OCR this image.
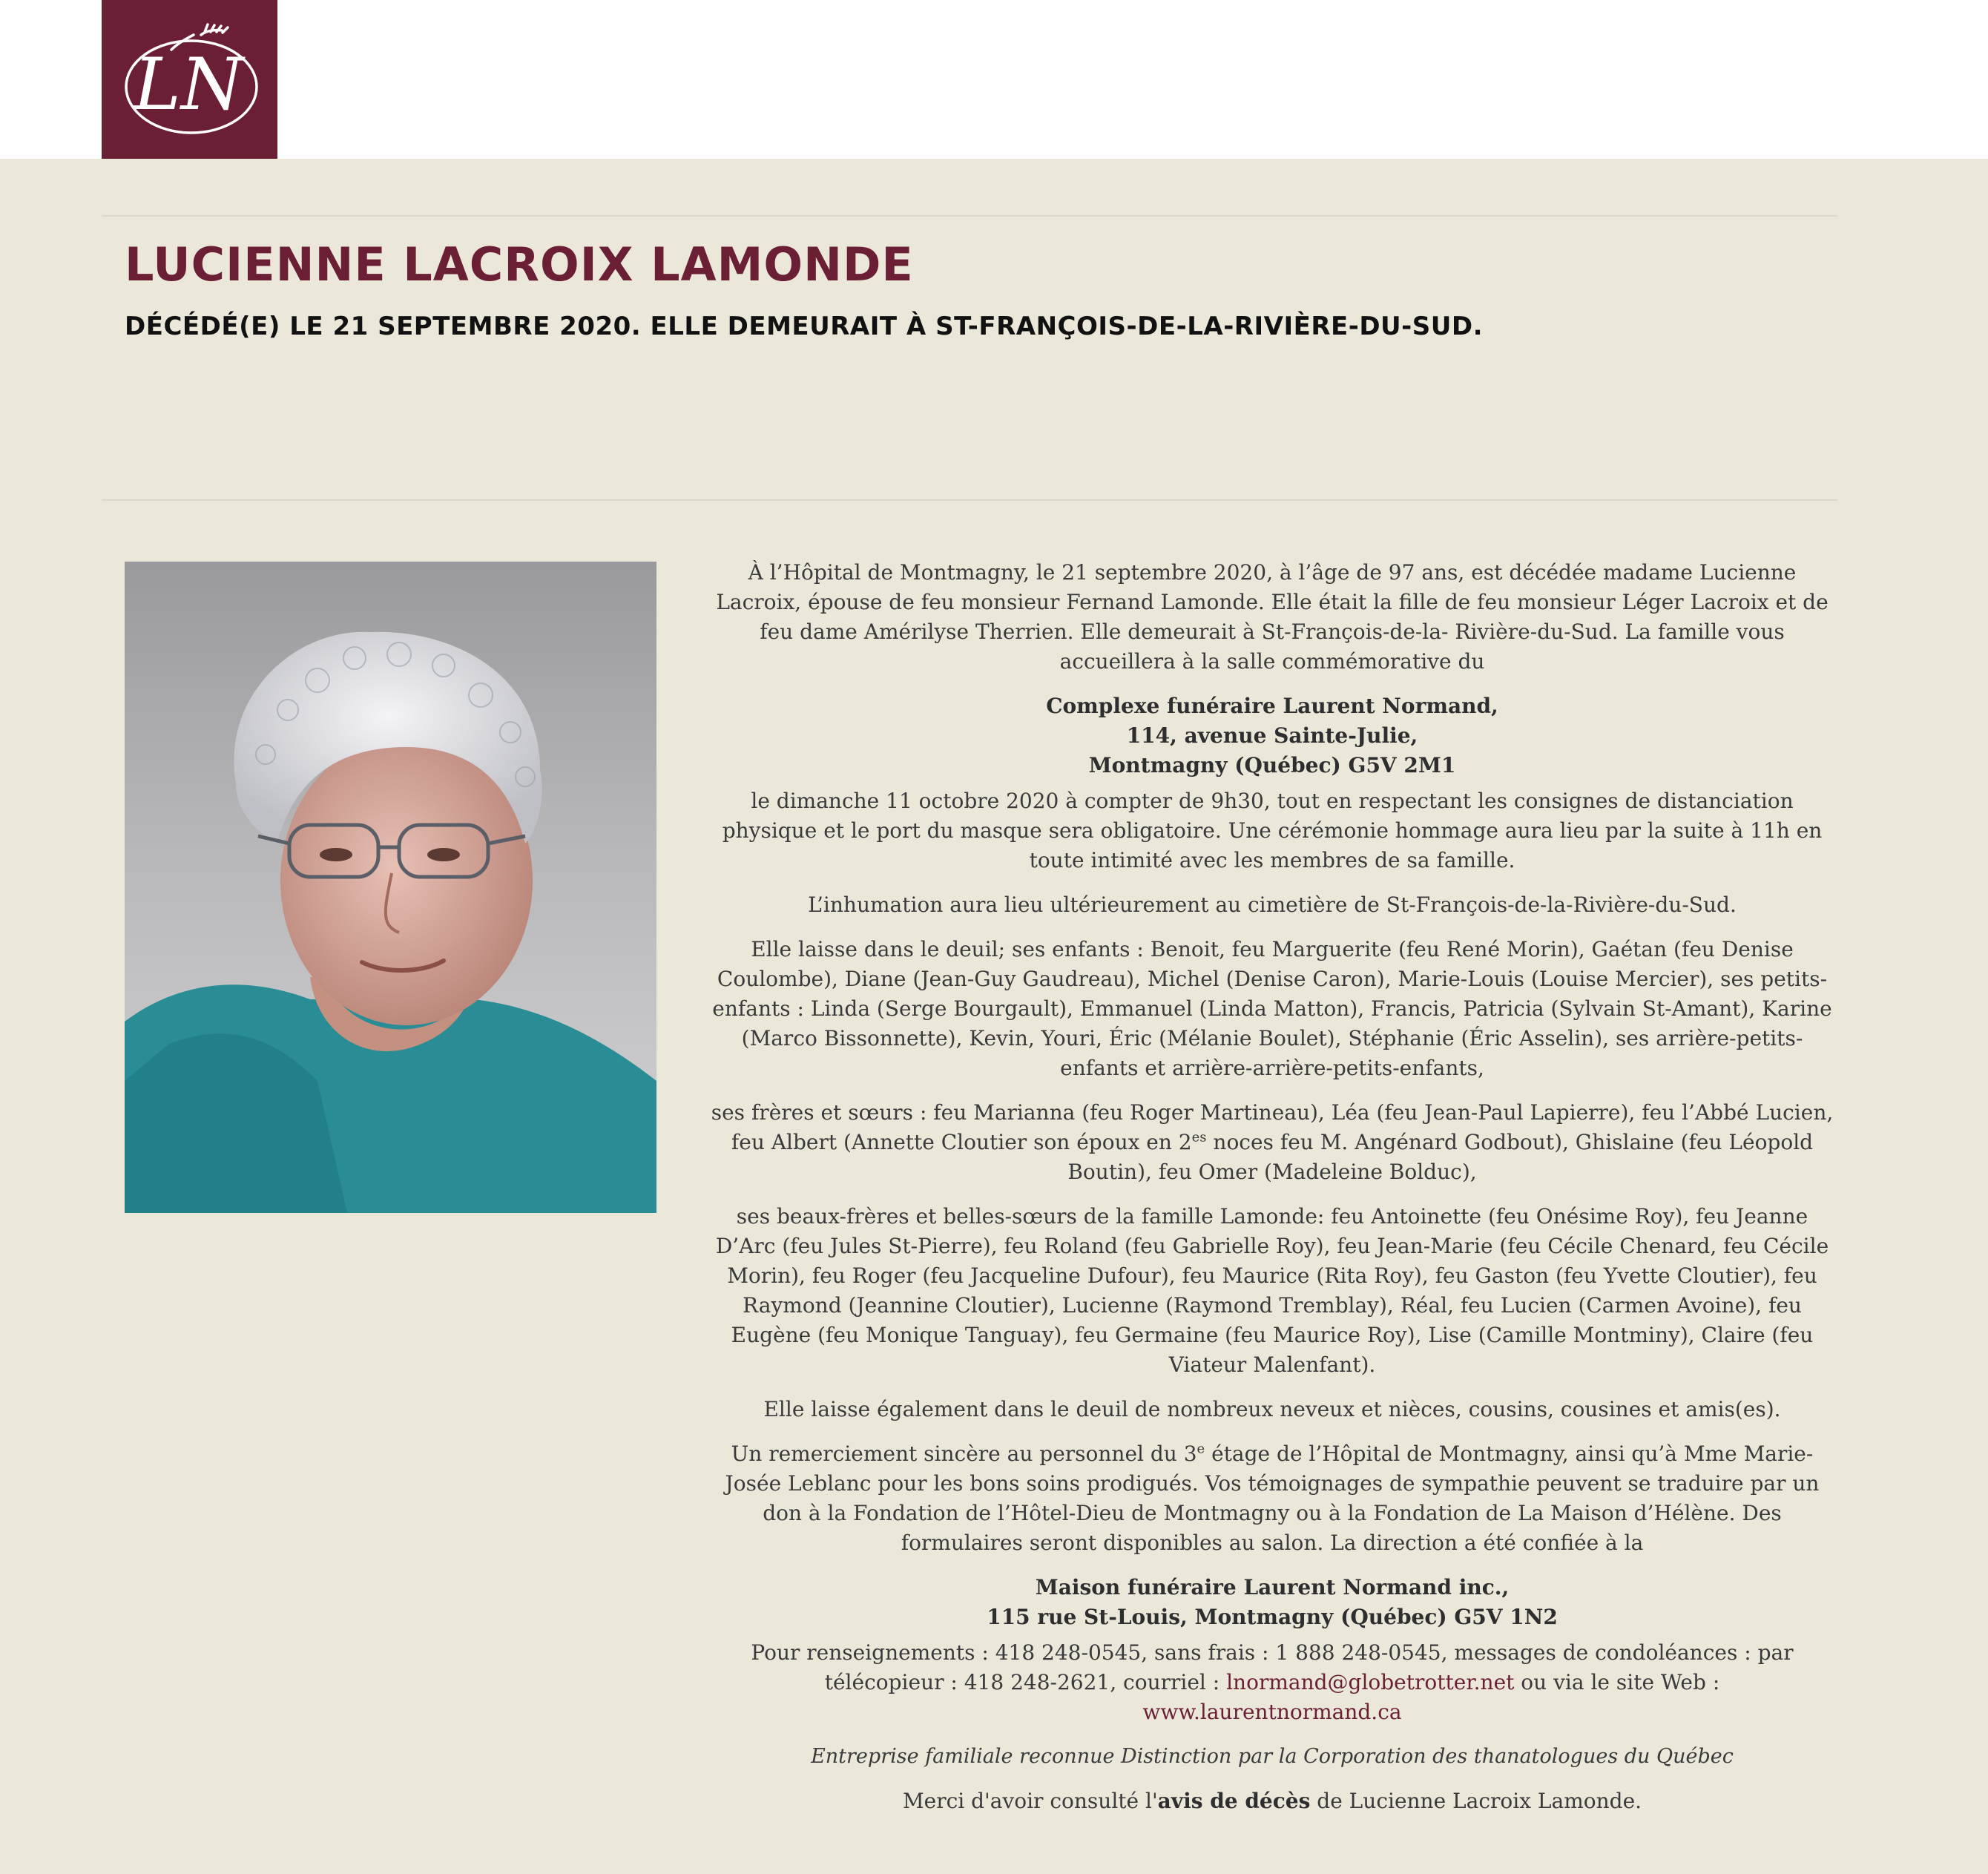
LN
LUCIENNE LACROIX LAMONDE
DÉCÉDÉ(E) LE 21 SEPTEMBRE 2020. ELLE DEMEURAIT À ST-FRANÇOIS-DE-LA-RIVIÈRE-DU-SUD.

À l’Hôpital de Montmagny, le 21 septembre 2020, à l’âge de 97 ans, est décédée madame Lucienne Lacroix, épouse de feu monsieur Fernand Lamonde. Elle était la fille de feu monsieur Léger Lacroix et de feu dame Amérilyse Therrien. Elle demeurait à St-François-de-la- Rivière-du-Sud. La famille vous accueillera à la salle commémorative du

Complexe funéraire Laurent Normand,
114, avenue Sainte-Julie,
Montmagny (Québec) G5V 2M1

le dimanche 11 octobre 2020 à compter de 9h30, tout en respectant les consignes de distanciation physique et le port du masque sera obligatoire. Une cérémonie hommage aura lieu par la suite à 11h en toute intimité avec les membres de sa famille.

L’inhumation aura lieu ultérieurement au cimetière de St-François-de-la-Rivière-du-Sud.

Elle laisse dans le deuil; ses enfants : Benoit, feu Marguerite (feu René Morin), Gaétan (feu Denise Coulombe), Diane (Jean-Guy Gaudreau), Michel (Denise Caron), Marie-Louis (Louise Mercier), ses petits-enfants : Linda (Serge Bourgault), Emmanuel (Linda Matton), Francis, Patricia (Sylvain St-Amant), Karine (Marco Bissonnette), Kevin, Youri, Éric (Mélanie Boulet), Stéphanie (Éric Asselin), ses arrière-petits-enfants et arrière-arrière-petits-enfants,

ses frères et sœurs : feu Marianna (feu Roger Martineau), Léa (feu Jean-Paul Lapierre), feu l’Abbé Lucien, feu Albert (Annette Cloutier son époux en $2^{es}$ noces feu M. Angénard Godbout), Ghislaine (feu Léopold Boutin), feu Omer (Madeleine Bolduc),

ses beaux-frères et belles-sœurs de la famille Lamonde: feu Antoinette (feu Onésime Roy), feu Jeanne D’Arc (feu Jules St-Pierre), feu Roland (feu Gabrielle Roy), feu Jean-Marie (feu Cécile Chenard, feu Cécile Morin), feu Roger (feu Jacqueline Dufour), feu Maurice (Rita Roy), feu Gaston (feu Yvette Cloutier), feu Raymond (Jeannine Cloutier), Lucienne (Raymond Tremblay), Réal, feu Lucien (Carmen Avoine), feu Eugène (feu Monique Tanguay), feu Germaine (feu Maurice Roy), Lise (Camille Montminy), Claire (feu Viateur Malenfant).

Elle laisse également dans le deuil de nombreux neveux et nièces, cousins, cousines et amis(es).

Un remerciement sincère au personnel du 3e étage de l’Hôpital de Montmagny, ainsi qu’à Mme Marie-Josée Leblanc pour les bons soins prodigués. Vos témoignages de sympathie peuvent se traduire par un don à la Fondation de l’Hôtel-Dieu de Montmagny ou à la Fondation de La Maison d’Hélène. Des formulaires seront disponibles au salon. La direction a été confiée à la

Maison funéraire Laurent Normand inc.,
115 rue St-Louis, Montmagny (Québec) G5V 1N2

Pour renseignements : 418 248-0545, sans frais : 1 888 248-0545, messages de condoléances : par télécopieur : 418 248-2621, courriel : lnormand@globetrotter.net ou via le site Web :
www.laurentnormand.ca

Entreprise familiale reconnue Distinction par la Corporation des thanatologues du Québec

Merci d'avoir consulté l'avis de décès de Lucienne Lacroix Lamonde.
